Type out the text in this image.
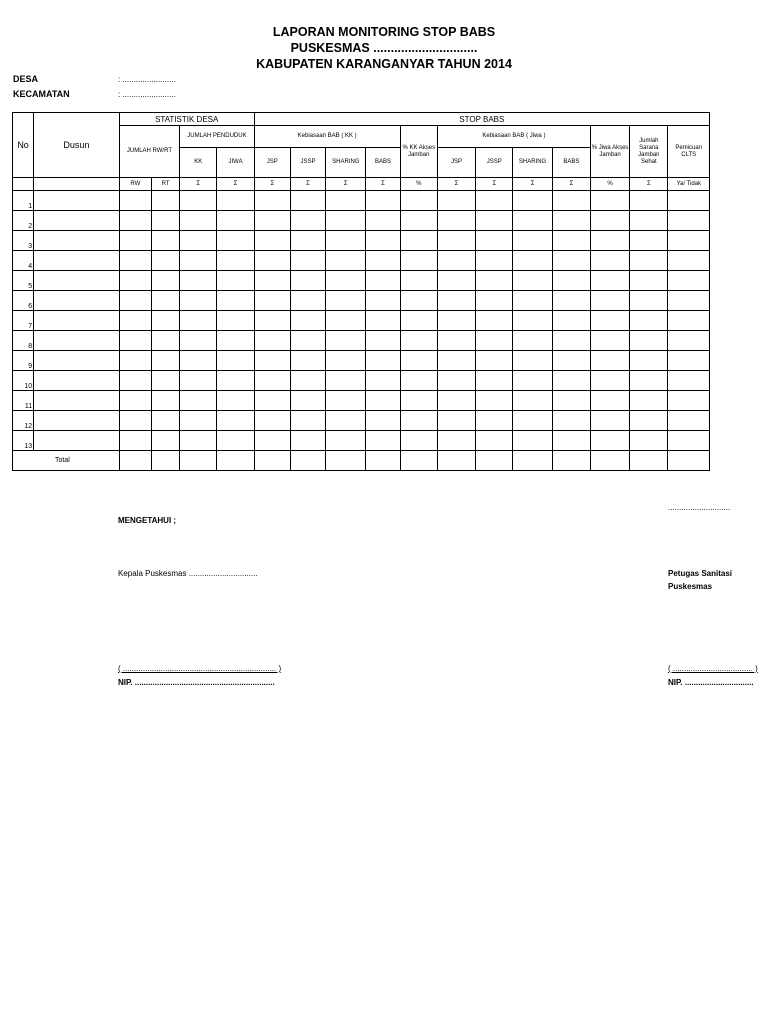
LAPORAN MONITORING STOP BABS
PUSKESMAS ..............................
KABUPATEN KARANGANYAR TAHUN 2014
DESA	: ........................
KECAMATAN	: ........................
No	Dusun	STATISTIK DESA				STOP BABS											
		JUMLAH RW/RT		JUMLAH PENDUDUK		Kebiasaan BAB ( KK )				% KK Akses Jamban	Kebiasaan BAB ( Jiwa )				% Jiwa Akses Jamban	Jumlah Sarana Jamban Sehat	Pemicuan CLTS
				KK	JIWA	JSP	JSSP	SHARING	BABS		JSP	JSSP	SHARING	BABS			
		RW	RT	Σ	Σ	Σ	Σ	Σ	Σ	%	Σ	Σ	Σ	Σ	%	Σ	Ya/ Tidak
1																	
2																	
3																	
4																	
5																	
6																	
7																	
8																	
9																	
10																	
11																	
12																	
13																	
Total																	
............................
MENGETAHUI ;
Kepala Puskesmas ...............................	Petugas Sanitasi
Puskesmas
( ..................................................................... )
NIP. ...............................................................
( .................................... )
NIP. ...............................
